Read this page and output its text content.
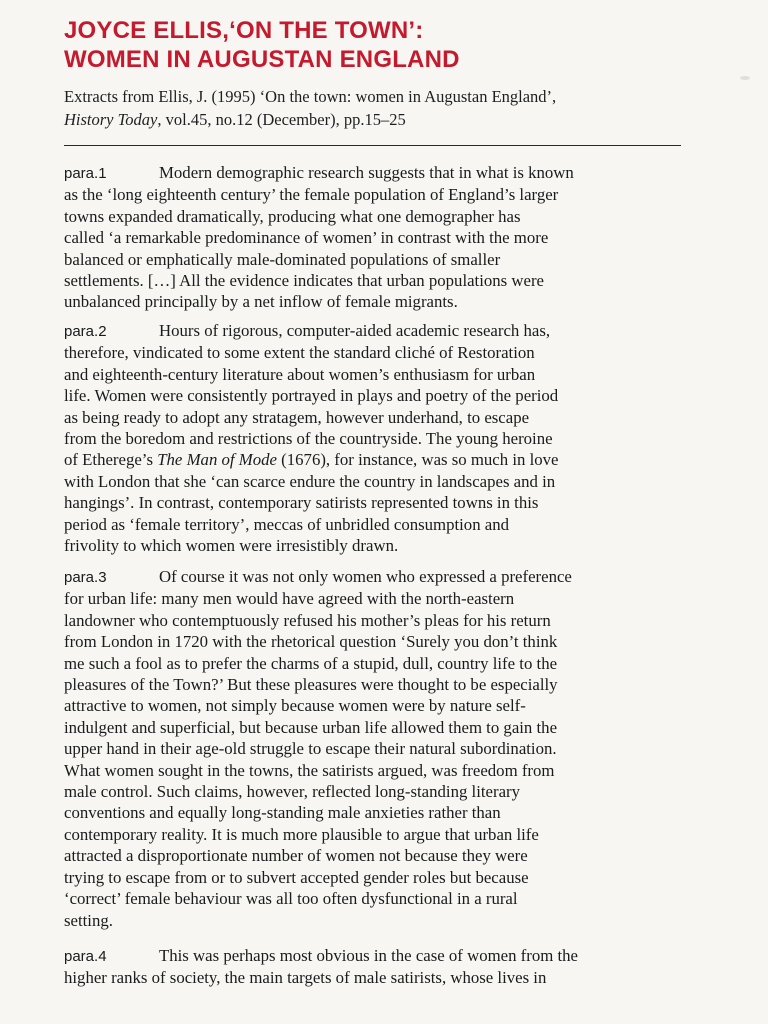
JOYCE ELLIS,‘ON THE TOWN’:
WOMEN IN AUGUSTAN ENGLAND
Extracts from Ellis, J. (1995) ‘On the town: women in Augustan England’,
History Today, vol.45, no.12 (December), pp.15–25
para.1	Modern demographic research suggests that in what is known
as the ‘long eighteenth century’ the female population of England’s larger
towns expanded dramatically, producing what one demographer has
called ‘a remarkable predominance of women’ in contrast with the more
balanced or emphatically male-dominated populations of smaller
settlements. […] All the evidence indicates that urban populations were
unbalanced principally by a net inflow of female migrants.
para.2	Hours of rigorous, computer-aided academic research has,
therefore, vindicated to some extent the standard cliché of Restoration
and eighteenth-century literature about women’s enthusiasm for urban
life. Women were consistently portrayed in plays and poetry of the period
as being ready to adopt any stratagem, however underhand, to escape
from the boredom and restrictions of the countryside. The young heroine
of Etherege’s The Man of Mode (1676), for instance, was so much in love
with London that she ‘can scarce endure the country in landscapes and in
hangings’. In contrast, contemporary satirists represented towns in this
period as ‘female territory’, meccas of unbridled consumption and
frivolity to which women were irresistibly drawn.
para.3	Of course it was not only women who expressed a preference
for urban life: many men would have agreed with the north-eastern
landowner who contemptuously refused his mother’s pleas for his return
from London in 1720 with the rhetorical question ‘Surely you don’t think
me such a fool as to prefer the charms of a stupid, dull, country life to the
pleasures of the Town?’ But these pleasures were thought to be especially
attractive to women, not simply because women were by nature self-
indulgent and superficial, but because urban life allowed them to gain the
upper hand in their age-old struggle to escape their natural subordination.
What women sought in the towns, the satirists argued, was freedom from
male control. Such claims, however, reflected long-standing literary
conventions and equally long-standing male anxieties rather than
contemporary reality. It is much more plausible to argue that urban life
attracted a disproportionate number of women not because they were
trying to escape from or to subvert accepted gender roles but because
‘correct’ female behaviour was all too often dysfunctional in a rural
setting.
para.4	This was perhaps most obvious in the case of women from the
higher ranks of society, the main targets of male satirists, whose lives in
